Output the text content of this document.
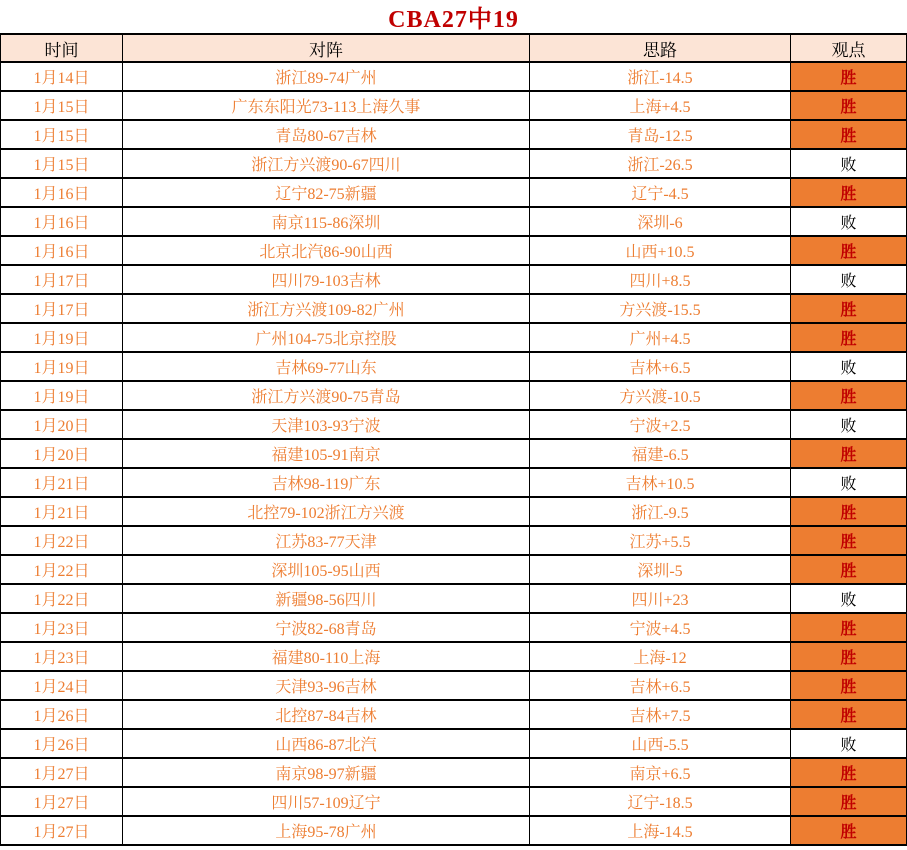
CBA27中19
时间	对阵	思路	观点
1月14日	浙江89-74广州	浙江-14.5	胜
1月15日	广东东阳光73-113上海久事	上海+4.5	胜
1月15日	青岛80-67吉林	青岛-12.5	胜
1月15日	浙江方兴渡90-67四川	浙江-26.5	败
1月16日	辽宁82-75新疆	辽宁-4.5	胜
1月16日	南京115-86深圳	深圳-6	败
1月16日	北京北汽86-90山西	山西+10.5	胜
1月17日	四川79-103吉林	四川+8.5	败
1月17日	浙江方兴渡109-82广州	方兴渡-15.5	胜
1月19日	广州104-75北京控股	广州+4.5	胜
1月19日	吉林69-77山东	吉林+6.5	败
1月19日	浙江方兴渡90-75青岛	方兴渡-10.5	胜
1月20日	天津103-93宁波	宁波+2.5	败
1月20日	福建105-91南京	福建-6.5	胜
1月21日	吉林98-119广东	吉林+10.5	败
1月21日	北控79-102浙江方兴渡	浙江-9.5	胜
1月22日	江苏83-77天津	江苏+5.5	胜
1月22日	深圳105-95山西	深圳-5	胜
1月22日	新疆98-56四川	四川+23	败
1月23日	宁波82-68青岛	宁波+4.5	胜
1月23日	福建80-110上海	上海-12	胜
1月24日	天津93-96吉林	吉林+6.5	胜
1月26日	北控87-84吉林	吉林+7.5	胜
1月26日	山西86-87北汽	山西-5.5	败
1月27日	南京98-97新疆	南京+6.5	胜
1月27日	四川57-109辽宁	辽宁-18.5	胜
1月27日	上海95-78广州	上海-14.5	胜
